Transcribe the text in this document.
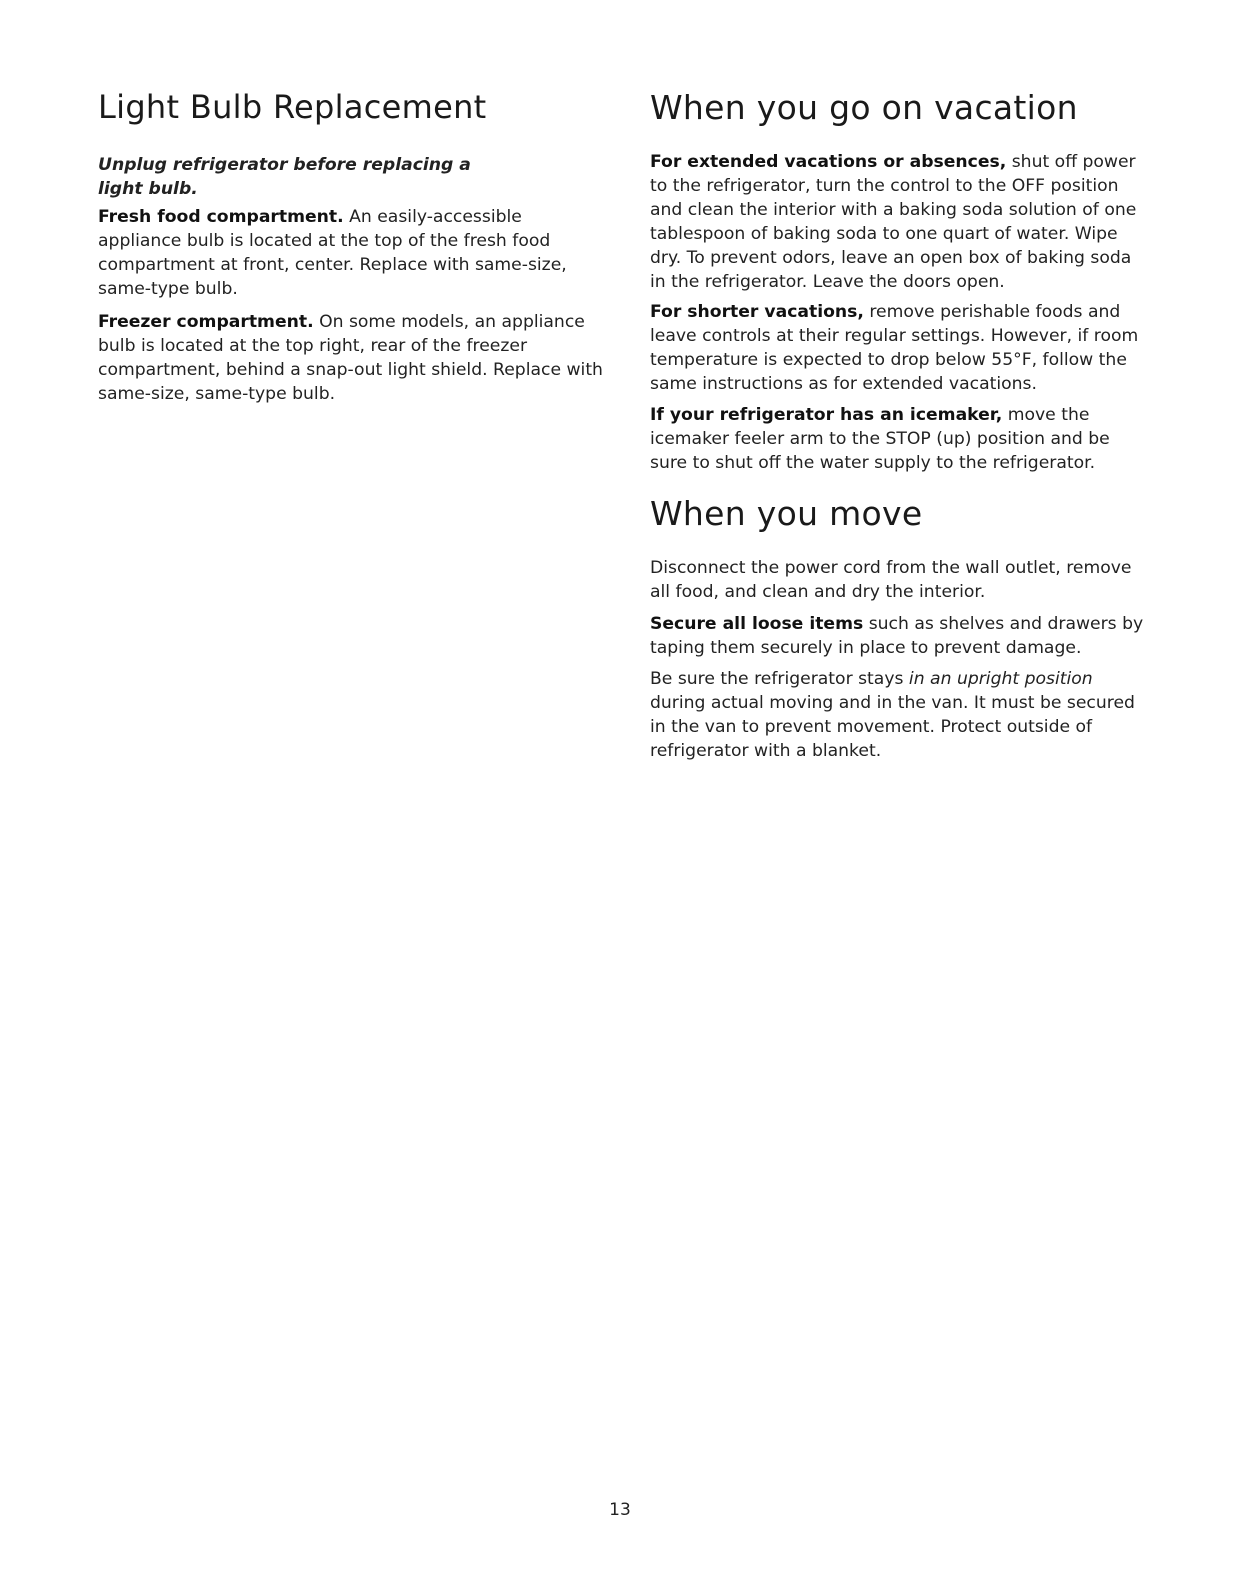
Light Bulb Replacement

Unplug refrigerator before replacing a light bulb.

Fresh food compartment. An easily-accessible appliance bulb is located at the top of the fresh food compartment at front, center. Replace with same-size, same-type bulb.

Freezer compartment. On some models, an appliance bulb is located at the top right, rear of the freezer compartment, behind a snap-out light shield. Replace with same-size, same-type bulb.

When you go on vacation

For extended vacations or absences, shut off power to the refrigerator, turn the control to the OFF position and clean the interior with a baking soda solution of one tablespoon of baking soda to one quart of water. Wipe dry. To prevent odors, leave an open box of baking soda in the refrigerator. Leave the doors open.

For shorter vacations, remove perishable foods and leave controls at their regular settings. However, if room temperature is expected to drop below 55°F, follow the same instructions as for extended vacations.

If your refrigerator has an icemaker, move the icemaker feeler arm to the STOP (up) position and be sure to shut off the water supply to the refrigerator.

When you move

Disconnect the power cord from the wall outlet, remove all food, and clean and dry the interior.

Secure all loose items such as shelves and drawers by taping them securely in place to prevent damage.

Be sure the refrigerator stays in an upright position during actual moving and in the van. It must be secured in the van to prevent movement. Protect outside of refrigerator with a blanket.

13
